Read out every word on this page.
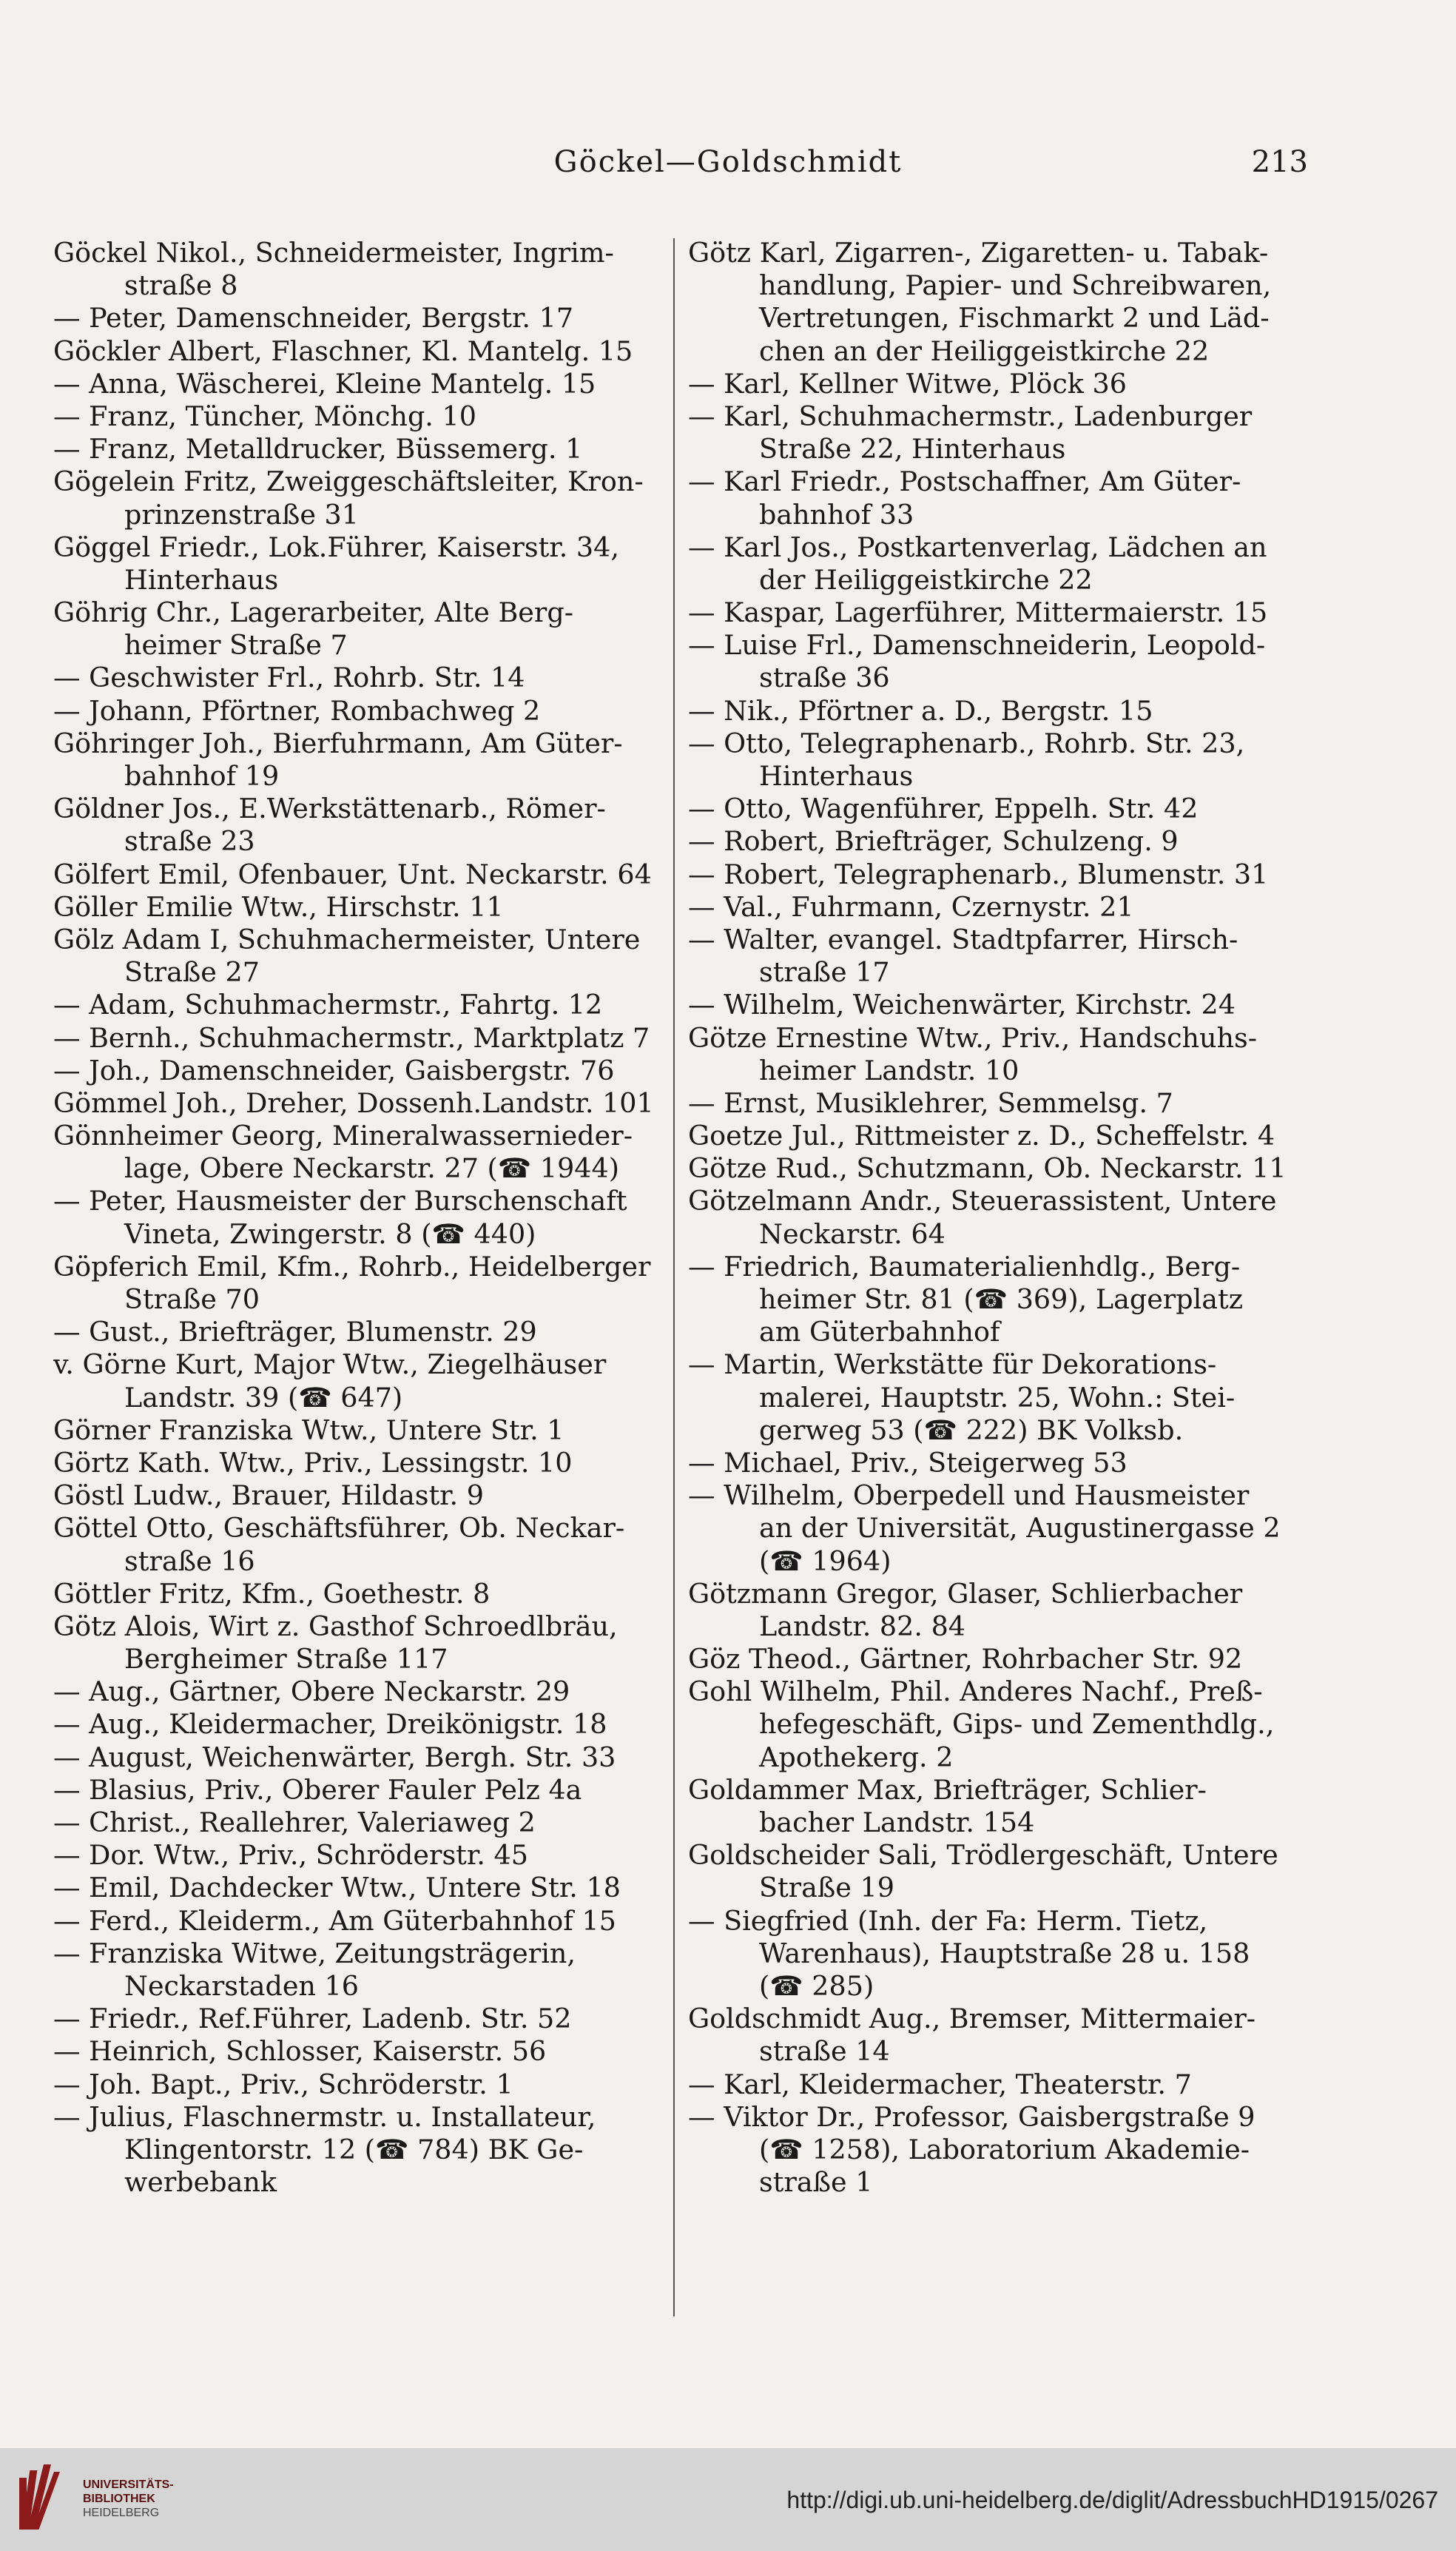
Göckel—Goldschmidt	213
Göckel Nikol., Schneidermeister, Ingrim-
straße 8
— Peter, Damenschneider, Bergstr. 17
Göckler Albert, Flaschner, Kl. Mantelg. 15
— Anna, Wäscherei, Kleine Mantelg. 15
— Franz, Tüncher, Mönchg. 10
— Franz, Metalldrucker, Büssemerg. 1
Gögelein Fritz, Zweiggeschäftsleiter, Kron-
prinzenstraße 31
Göggel Friedr., Lok.Führer, Kaiserstr. 34,
Hinterhaus
Göhrig Chr., Lagerarbeiter, Alte Berg-
heimer Straße 7
— Geschwister Frl., Rohrb. Str. 14
— Johann, Pförtner, Rombachweg 2
Göhringer Joh., Bierfuhrmann, Am Güter-
bahnhof 19
Göldner Jos., E.Werkstättenarb., Römer-
straße 23
Gölfert Emil, Ofenbauer, Unt. Neckarstr. 64
Göller Emilie Wtw., Hirschstr. 11
Gölz Adam I, Schuhmachermeister, Untere
Straße 27
— Adam, Schuhmachermstr., Fahrtg. 12
— Bernh., Schuhmachermstr., Marktplatz 7
— Joh., Damenschneider, Gaisbergstr. 76
Gömmel Joh., Dreher, Dossenh.Landstr. 101
Gönnheimer Georg, Mineralwassernieder-
lage, Obere Neckarstr. 27 (☎ 1944)
— Peter, Hausmeister der Burschenschaft
Vineta, Zwingerstr. 8 (☎ 440)
Göpferich Emil, Kfm., Rohrb., Heidelberger
Straße 70
— Gust., Briefträger, Blumenstr. 29
v. Görne Kurt, Major Wtw., Ziegelhäuser
Landstr. 39 (☎ 647)
Görner Franziska Wtw., Untere Str. 1
Görtz Kath. Wtw., Priv., Lessingstr. 10
Göstl Ludw., Brauer, Hildastr. 9
Göttel Otto, Geschäftsführer, Ob. Neckar-
straße 16
Göttler Fritz, Kfm., Goethestr. 8
Götz Alois, Wirt z. Gasthof Schroedlbräu,
Bergheimer Straße 117
— Aug., Gärtner, Obere Neckarstr. 29
— Aug., Kleidermacher, Dreikönigstr. 18
— August, Weichenwärter, Bergh. Str. 33
— Blasius, Priv., Oberer Fauler Pelz 4a
— Christ., Reallehrer, Valeriaweg 2
— Dor. Wtw., Priv., Schröderstr. 45
— Emil, Dachdecker Wtw., Untere Str. 18
— Ferd., Kleiderm., Am Güterbahnhof 15
— Franziska Witwe, Zeitungsträgerin,
Neckarstaden 16
— Friedr., Ref.Führer, Ladenb. Str. 52
— Heinrich, Schlosser, Kaiserstr. 56
— Joh. Bapt., Priv., Schröderstr. 1
— Julius, Flaschnermstr. u. Installateur,
Klingentorstr. 12 (☎ 784) BK Ge-
werbebank
Götz Karl, Zigarren-, Zigaretten- u. Tabak-
handlung, Papier- und Schreibwaren,
Vertretungen, Fischmarkt 2 und Läd-
chen an der Heiliggeistkirche 22
— Karl, Kellner Witwe, Plöck 36
— Karl, Schuhmachermstr., Ladenburger
Straße 22, Hinterhaus
— Karl Friedr., Postschaffner, Am Güter-
bahnhof 33
— Karl Jos., Postkartenverlag, Lädchen an
der Heiliggeistkirche 22
— Kaspar, Lagerführer, Mittermaierstr. 15
— Luise Frl., Damenschneiderin, Leopold-
straße 36
— Nik., Pförtner a. D., Bergstr. 15
— Otto, Telegraphenarb., Rohrb. Str. 23,
Hinterhaus
— Otto, Wagenführer, Eppelh. Str. 42
— Robert, Briefträger, Schulzeng. 9
— Robert, Telegraphenarb., Blumenstr. 31
— Val., Fuhrmann, Czernystr. 21
— Walter, evangel. Stadtpfarrer, Hirsch-
straße 17
— Wilhelm, Weichenwärter, Kirchstr. 24
Götze Ernestine Wtw., Priv., Handschuhs-
heimer Landstr. 10
— Ernst, Musiklehrer, Semmelsg. 7
Goetze Jul., Rittmeister z. D., Scheffelstr. 4
Götze Rud., Schutzmann, Ob. Neckarstr. 11
Götzelmann Andr., Steuerassistent, Untere
Neckarstr. 64
— Friedrich, Baumaterialienhdlg., Berg-
heimer Str. 81 (☎ 369), Lagerplatz
am Güterbahnhof
— Martin, Werkstätte für Dekorations-
malerei, Hauptstr. 25, Wohn.: Stei-
gerweg 53 (☎ 222) BK Volksb.
— Michael, Priv., Steigerweg 53
— Wilhelm, Oberpedell und Hausmeister
an der Universität, Augustinergasse 2
(☎ 1964)
Götzmann Gregor, Glaser, Schlierbacher
Landstr. 82. 84
Göz Theod., Gärtner, Rohrbacher Str. 92
Gohl Wilhelm, Phil. Anderes Nachf., Preß-
hefegeschäft, Gips- und Zementhdlg.,
Apothekerg. 2
Goldammer Max, Briefträger, Schlier-
bacher Landstr. 154
Goldscheider Sali, Trödlergeschäft, Untere
Straße 19
— Siegfried (Inh. der Fa: Herm. Tietz,
Warenhaus), Hauptstraße 28 u. 158
(☎ 285)
Goldschmidt Aug., Bremser, Mittermaier-
straße 14
— Karl, Kleidermacher, Theaterstr. 7
— Viktor Dr., Professor, Gaisbergstraße 9
(☎ 1258), Laboratorium Akademie-
straße 1
UNIVERSITÄTS-
BIBLIOTHEK
HEIDELBERG	http://digi.ub.uni-heidelberg.de/diglit/AdressbuchHD1915/0267
